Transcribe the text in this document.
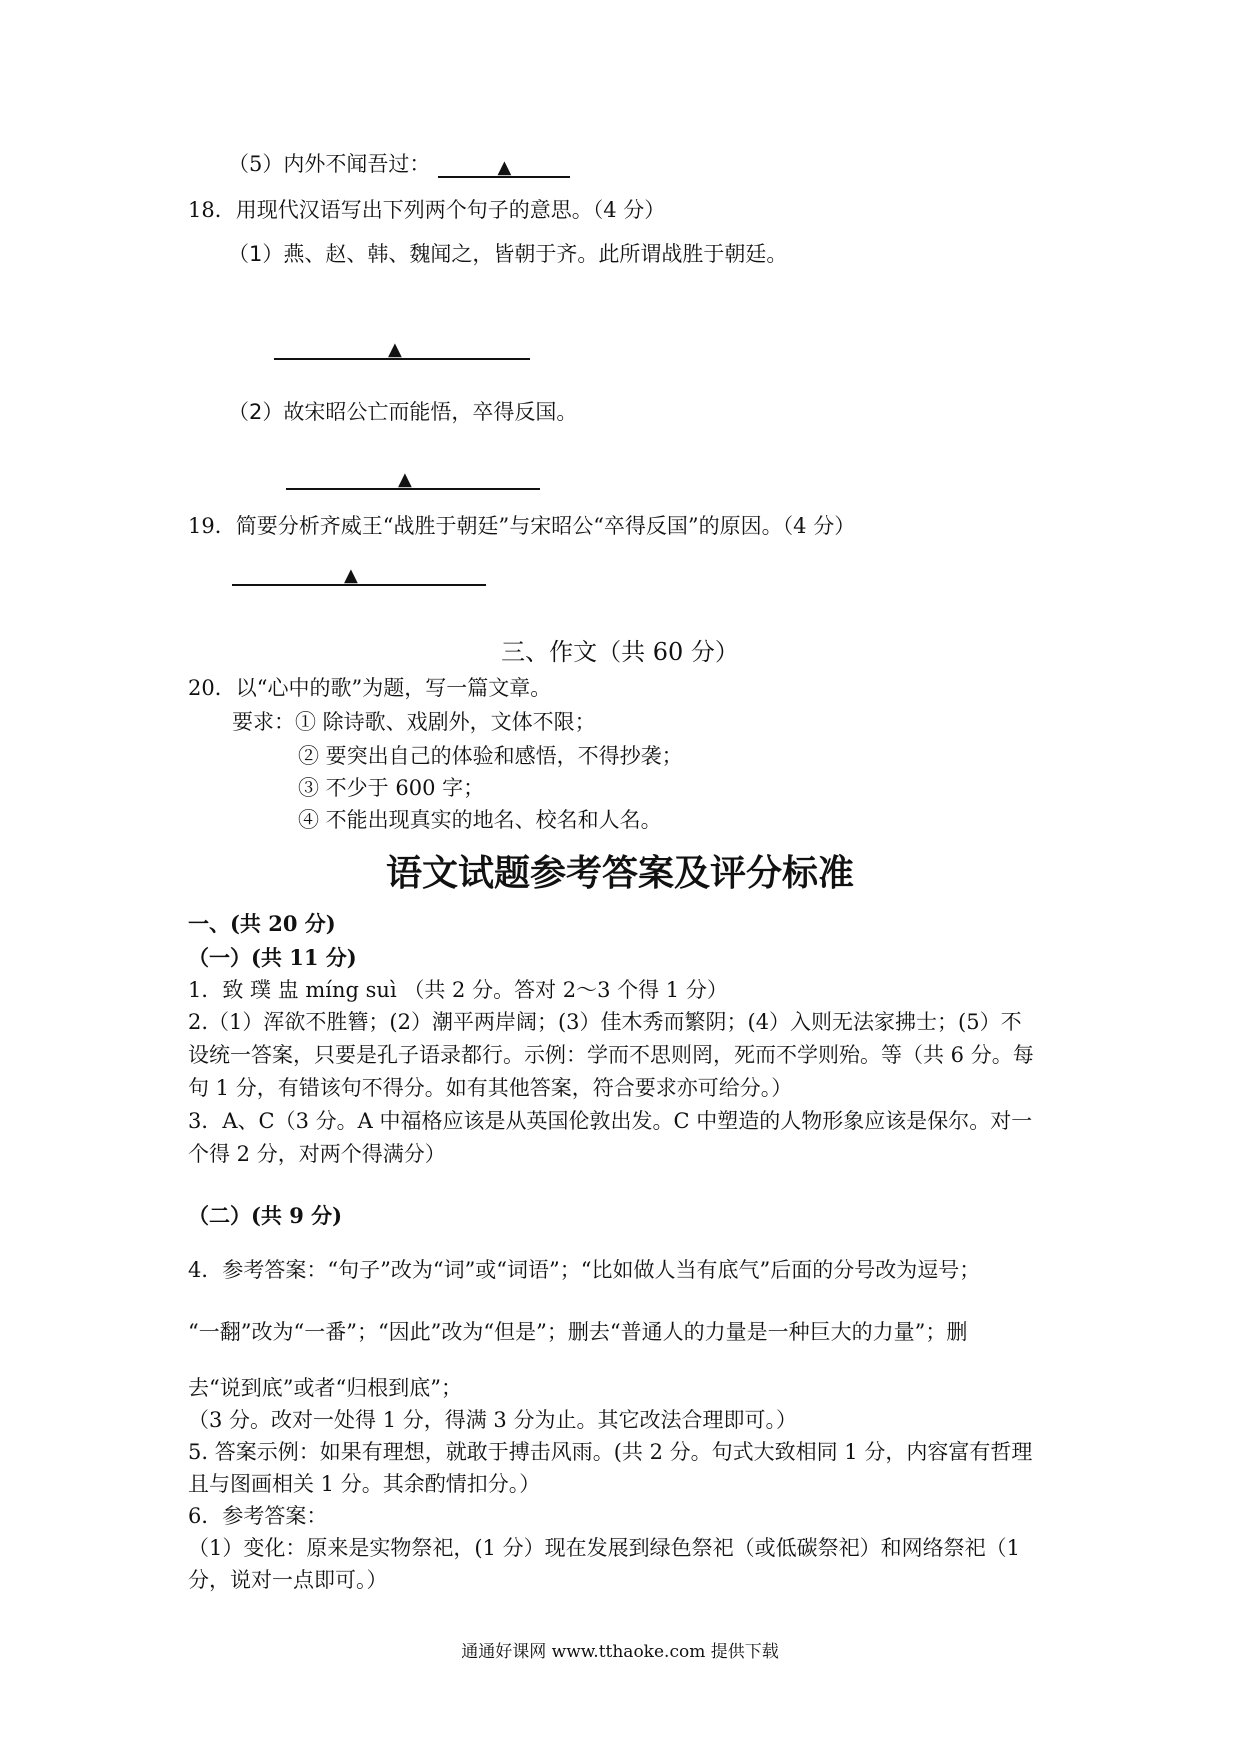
（5）内外不闻吾过：	▲
18．用现代汉语写出下列两个句子的意思。（4 分）
（1）燕、赵、韩、魏闻之，皆朝于齐。此所谓战胜于朝廷。
▲
（2）故宋昭公亡而能悟，卒得反国。
▲
19．简要分析齐威王“战胜于朝廷”与宋昭公“卒得反国”的原因。（4 分）
▲
三、作文（共 60 分）
20．以“心中的歌”为题，写一篇文章。
要求：① 除诗歌、戏剧外，文体不限；
② 要突出自己的体验和感悟，不得抄袭；
③ 不少于 600 字；
④ 不能出现真实的地名、校名和人名。
语文试题参考答案及评分标准
一、(共 20 分)
（一）(共 11 分)
1．致 璞 盅 míng suì （共 2 分。答对 2～3 个得 1 分）
2.（1）浑欲不胜簪；(2）潮平两岸阔；(3）佳木秀而繁阴；(4）入则无法家拂士；(5）不
设统一答案，只要是孔子语录都行。示例：学而不思则罔，死而不学则殆。等（共 6 分。每
句 1 分，有错该句不得分。如有其他答案，符合要求亦可给分。）
3．A、C（3 分。A 中福格应该是从英国伦敦出发。C 中塑造的人物形象应该是保尔。对一
个得 2 分，对两个得满分）
（二）(共 9 分)
4．参考答案：“句子”改为“词”或“词语”；“比如做人当有底气”后面的分号改为逗号；
“一翻”改为“一番”；“因此”改为“但是”；删去“普通人的力量是一种巨大的力量”；删
去“说到底”或者“归根到底”；
（3 分。改对一处得 1 分，得满 3 分为止。其它改法合理即可。）
5. 答案示例：如果有理想，就敢于搏击风雨。(共 2 分。句式大致相同 1 分，内容富有哲理
且与图画相关 1 分。其余酌情扣分。）
6．参考答案：
（1）变化：原来是实物祭祀，(1 分）现在发展到绿色祭祀（或低碳祭祀）和网络祭祀（1
分，说对一点即可。）
通通好课网 www.tthaoke.com 提供下载
